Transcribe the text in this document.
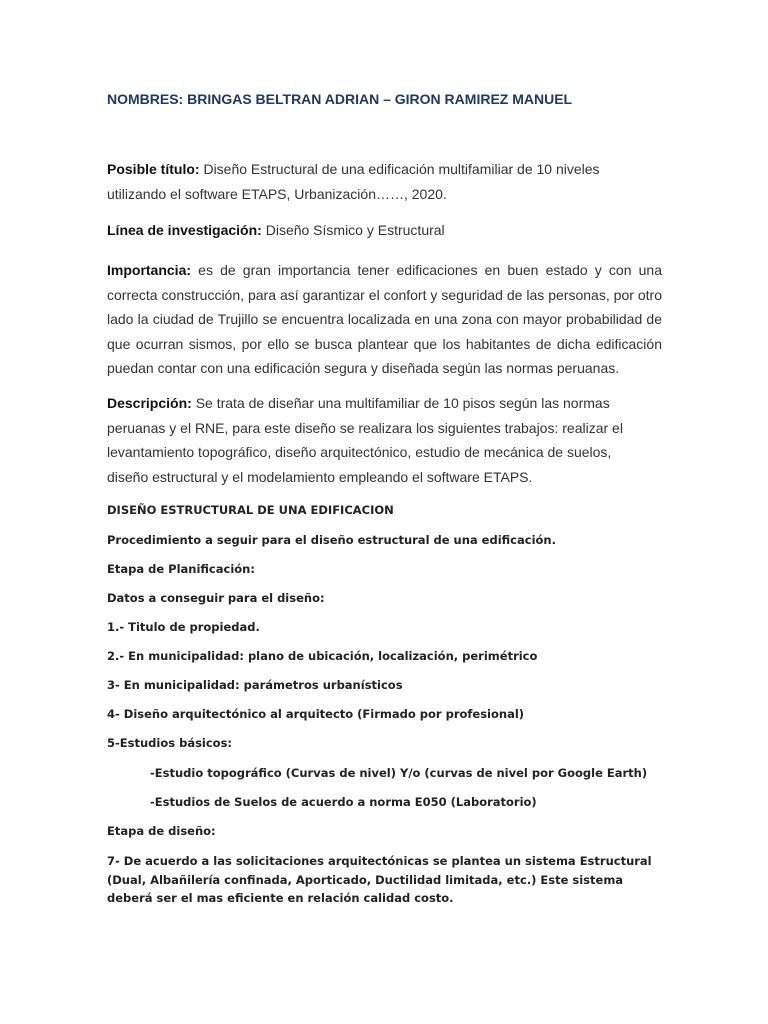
NOMBRES: BRINGAS BELTRAN ADRIAN – GIRON RAMIREZ MANUEL
Posible título: Diseño Estructural de una edificación multifamiliar de 10 niveles utilizando el software ETAPS, Urbanización……, 2020.
Línea de investigación: Diseño Sísmico y Estructural
Importancia: es de gran importancia tener edificaciones en buen estado y con una correcta construcción, para así garantizar el confort y seguridad de las personas, por otro lado la ciudad de Trujillo se encuentra localizada en una zona con mayor probabilidad de que ocurran sismos, por ello se busca plantear que los habitantes de dicha edificación puedan contar con una edificación segura y diseñada según las normas peruanas.
Descripción: Se trata de diseñar una multifamiliar de 10 pisos según las normas peruanas y el RNE, para este diseño se realizara los siguientes trabajos: realizar el levantamiento topográfico, diseño arquitectónico, estudio de mecánica de suelos, diseño estructural y el modelamiento empleando el software ETAPS.
DISEÑO ESTRUCTURAL DE UNA EDIFICACION
Procedimiento a seguir para el diseño estructural de una edificación.
Etapa de Planificación:
Datos a conseguir para el diseño:
1.- Titulo de propiedad.
2.- En municipalidad: plano de ubicación, localización, perimétrico
3- En municipalidad: parámetros urbanísticos
4- Diseño arquitectónico al arquitecto (Firmado por profesional)
5-Estudios básicos:
-Estudio topográfico (Curvas de nivel) Y/o (curvas de nivel por Google Earth)
-Estudios de Suelos de acuerdo a norma E050 (Laboratorio)
Etapa de diseño:
7- De acuerdo a las solicitaciones arquitectónicas se plantea un sistema Estructural (Dual, Albañilería confinada, Aporticado, Ductilidad limitada, etc.) Este sistema deberá ser el mas eficiente en relación calidad costo.
